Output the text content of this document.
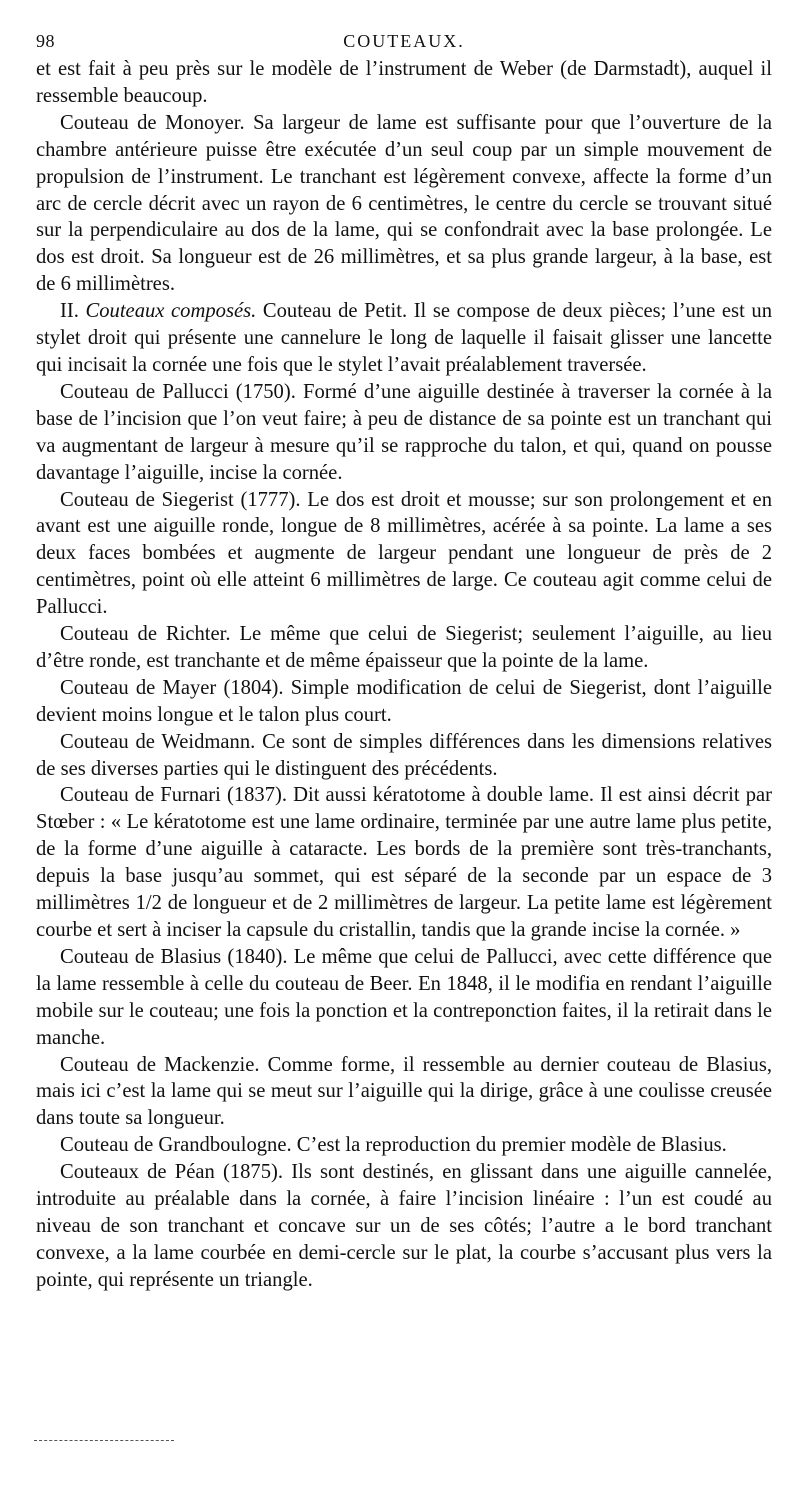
98	COUTEAUX.

et est fait à peu près sur le modèle de l’instrument de Weber (de Darmstadt), auquel il ressemble beaucoup.

Couteau de Monoyer. Sa largeur de lame est suffisante pour que l’ouverture de la chambre antérieure puisse être exécutée d’un seul coup par un simple mouvement de propulsion de l’instrument. Le tranchant est légèrement convexe, affecte la forme d’un arc de cercle décrit avec un rayon de 6 centimètres, le centre du cercle se trouvant situé sur la perpendiculaire au dos de la lame, qui se confondrait avec la base prolongée. Le dos est droit. Sa longueur est de 26 millimètres, et sa plus grande largeur, à la base, est de 6 millimètres.

II. Couteaux composés. Couteau de Petit. Il se compose de deux pièces; l’une est un stylet droit qui présente une cannelure le long de laquelle il faisait glisser une lancette qui incisait la cornée une fois que le stylet l’avait préalablement traversée.

Couteau de Pallucci (1750). Formé d’une aiguille destinée à traverser la cornée à la base de l’incision que l’on veut faire; à peu de distance de sa pointe est un tranchant qui va augmentant de largeur à mesure qu’il se rapproche du talon, et qui, quand on pousse davantage l’aiguille, incise la cornée.

Couteau de Siegerist (1777). Le dos est droit et mousse; sur son prolongement et en avant est une aiguille ronde, longue de 8 millimètres, acérée à sa pointe. La lame a ses deux faces bombées et augmente de largeur pendant une longueur de près de 2 centimètres, point où elle atteint 6 millimètres de large. Ce couteau agit comme celui de Pallucci.

Couteau de Richter. Le même que celui de Siegerist; seulement l’aiguille, au lieu d’être ronde, est tranchante et de même épaisseur que la pointe de la lame.

Couteau de Mayer (1804). Simple modification de celui de Siegerist, dont l’aiguille devient moins longue et le talon plus court.

Couteau de Weidmann. Ce sont de simples différences dans les dimensions relatives de ses diverses parties qui le distinguent des précédents.

Couteau de Furnari (1837). Dit aussi kératotome à double lame. Il est ainsi décrit par Stœber : « Le kératotome est une lame ordinaire, terminée par une autre lame plus petite, de la forme d’une aiguille à cataracte. Les bords de la première sont très-tranchants, depuis la base jusqu’au sommet, qui est séparé de la seconde par un espace de 3 millimètres 1/2 de longueur et de 2 millimètres de largeur. La petite lame est légèrement courbe et sert à inciser la capsule du cristallin, tandis que la grande incise la cornée. »

Couteau de Blasius (1840). Le même que celui de Pallucci, avec cette différence que la lame ressemble à celle du couteau de Beer. En 1848, il le modifia en rendant l’aiguille mobile sur le couteau; une fois la ponction et la contreponction faites, il la retirait dans le manche.

Couteau de Mackenzie. Comme forme, il ressemble au dernier couteau de Blasius, mais ici c’est la lame qui se meut sur l’aiguille qui la dirige, grâce à une coulisse creusée dans toute sa longueur.

Couteau de Grandboulogne. C’est la reproduction du premier modèle de Blasius.

Couteaux de Péan (1875). Ils sont destinés, en glissant dans une aiguille cannelée, introduite au préalable dans la cornée, à faire l’incision linéaire : l’un est coudé au niveau de son tranchant et concave sur un de ses côtés; l’autre a le bord tranchant convexe, a la lame courbée en demi-cercle sur le plat, la courbe s’accusant plus vers la pointe, qui représente un triangle.
